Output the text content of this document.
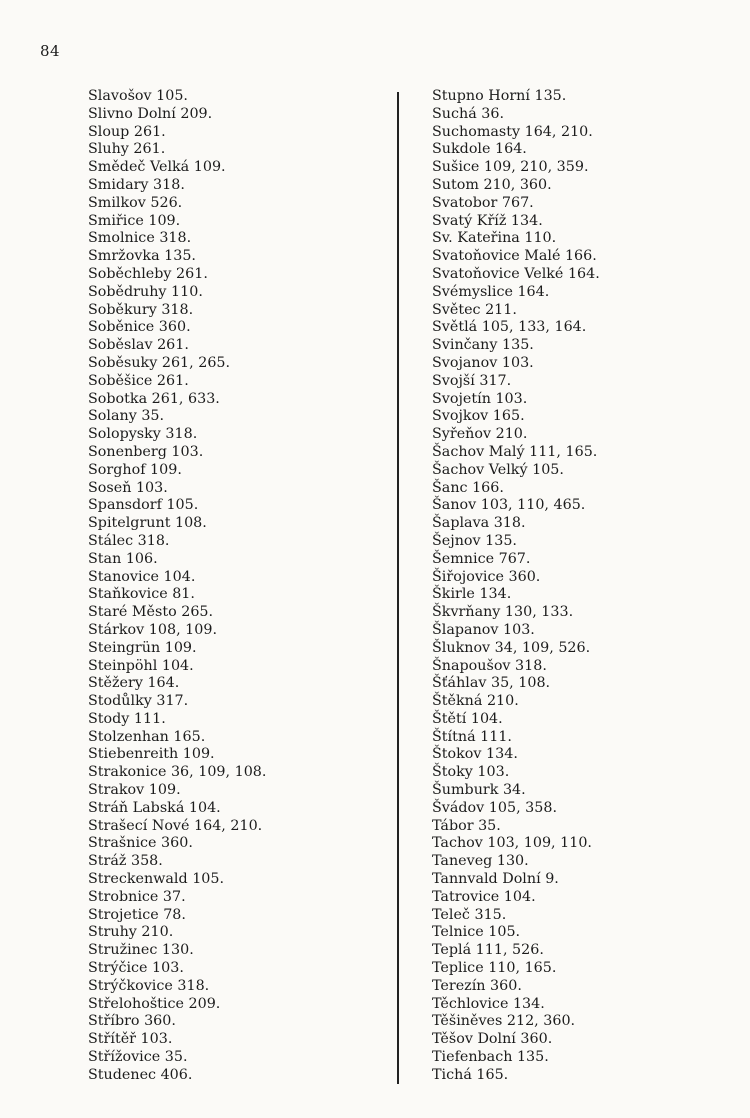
84
Slavošov 105.
Slivno Dolní 209.
Sloup 261.
Sluhy 261.
Smědeč Velká 109.
Smidary 318.
Smilkov 526.
Smiřice 109.
Smolnice 318.
Smržovka 135.
Soběchleby 261.
Sobědruhy 110.
Soběkury 318.
Soběnice 360.
Soběslav 261.
Soběsuky 261, 265.
Soběšice 261.
Sobotka 261, 633.
Solany 35.
Solopysky 318.
Sonenberg 103.
Sorghof 109.
Soseň 103.
Spansdorf 105.
Spitelgrunt 108.
Stálec 318.
Stan 106.
Stanovice 104.
Staňkovice 81.
Staré Město 265.
Stárkov 108, 109.
Steingrün 109.
Steinpöhl 104.
Stěžery 164.
Stodůlky 317.
Stody 111.
Stolzenhan 165.
Stiebenreith 109.
Strakonice 36, 109, 108.
Strakov 109.
Stráň Labská 104.
Strašecí Nové 164, 210.
Strašnice 360.
Stráž 358.
Streckenwald 105.
Strobnice 37.
Strojetice 78.
Struhy 210.
Stružinec 130.
Strýčice 103.
Strýčkovice 318.
Střelohoštice 209.
Stříbro 360.
Střítěř 103.
Střížovice 35.
Studenec 406.
Stupno Horní 135.
Suchá 36.
Suchomasty 164, 210.
Sukdole 164.
Sušice 109, 210, 359.
Sutom 210, 360.
Svatobor 767.
Svatý Kříž 134.
Sv. Kateřina 110.
Svatoňovice Malé 166.
Svatoňovice Velké 164.
Svémyslice 164.
Světec 211.
Světlá 105, 133, 164.
Svinčany 135.
Svojanov 103.
Svojší 317.
Svojetín 103.
Svojkov 165.
Syřeňov 210.
Šachov Malý 111, 165.
Šachov Velký 105.
Šanc 166.
Šanov 103, 110, 465.
Šaplava 318.
Šejnov 135.
Šemnice 767.
Šiřojovice 360.
Škirle 134.
Škvrňany 130, 133.
Šlapanov 103.
Šluknov 34, 109, 526.
Šnapoušov 318.
Šťáhlav 35, 108.
Štěkná 210.
Štětí 104.
Štítná 111.
Štokov 134.
Štoky 103.
Šumburk 34.
Švádov 105, 358.
Tábor 35.
Tachov 103, 109, 110.
Taneveg 130.
Tannvald Dolní 9.
Tatrovice 104.
Teleč 315.
Telnice 105.
Teplá 111, 526.
Teplice 110, 165.
Terezín 360.
Těchlovice 134.
Těšiněves 212, 360.
Těšov Dolní 360.
Tiefenbach 135.
Tichá 165.
